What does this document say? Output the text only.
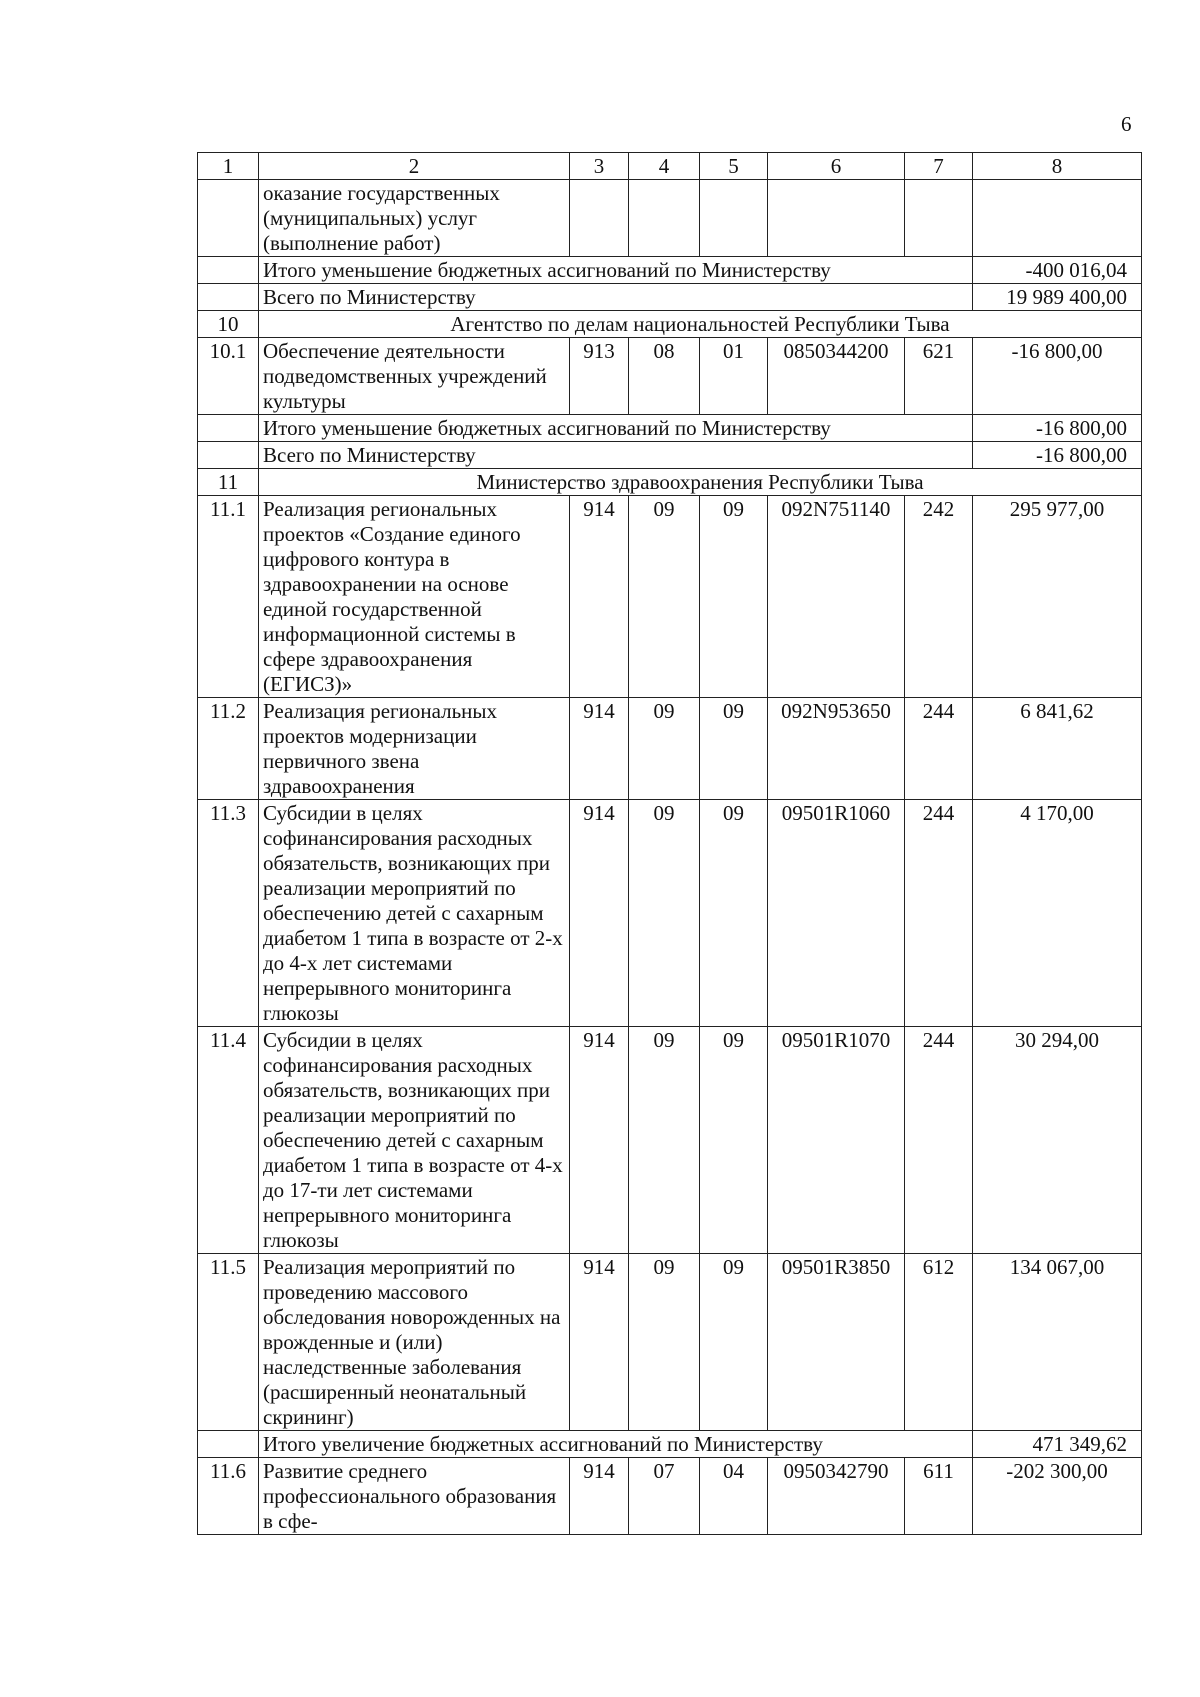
6
1	2	3	4	5	6	7	8
	оказание государственных (муниципальных) услуг (выполнение работ)						
	Итого уменьшение бюджетных ассигнований по Министерству						-400 016,04
	Всего по Министерству						19 989 400,00
10	Агентство по делам национальностей Республики Тыва						
10.1	Обеспечение деятельности подведомственных учреждений культуры	913	08	01	0850344200	621	-16 800,00
	Итого уменьшение бюджетных ассигнований по Министерству						-16 800,00
	Всего по Министерству						-16 800,00
11	Министерство здравоохранения Республики Тыва						
11.1	Реализация региональных проектов «Создание единого цифрового контура в здравоохранении на основе единой государственной информационной системы в сфере здравоохранения (ЕГИСЗ)»	914	09	09	092N751140	242	295 977,00
11.2	Реализация региональных проектов модернизации первичного звена здравоохранения	914	09	09	092N953650	244	6 841,62
11.3	Субсидии в целях софинансирования расходных обязательств, возникающих при реализации мероприятий по обеспечению детей с сахарным диабетом 1 типа в возрасте от 2-х до 4-х лет системами непрерывного мониторинга глюкозы	914	09	09	09501R1060	244	4 170,00
11.4	Субсидии в целях софинансирования расходных обязательств, возникающих при реализации мероприятий по обеспечению детей с сахарным диабетом 1 типа в возрасте от 4-х до 17-ти лет системами непрерывного мониторинга глюкозы	914	09	09	09501R1070	244	30 294,00
11.5	Реализация мероприятий по проведению массового обследования новорожденных на врожденные и (или) наследственные заболевания (расширенный неонатальный скрининг)	914	09	09	09501R3850	612	134 067,00
	Итого увеличение бюджетных ассигнований по Министерству						471 349,62
11.6	Развитие среднего профессионального образования в сфе-	914	07	04	0950342790	611	-202 300,00
